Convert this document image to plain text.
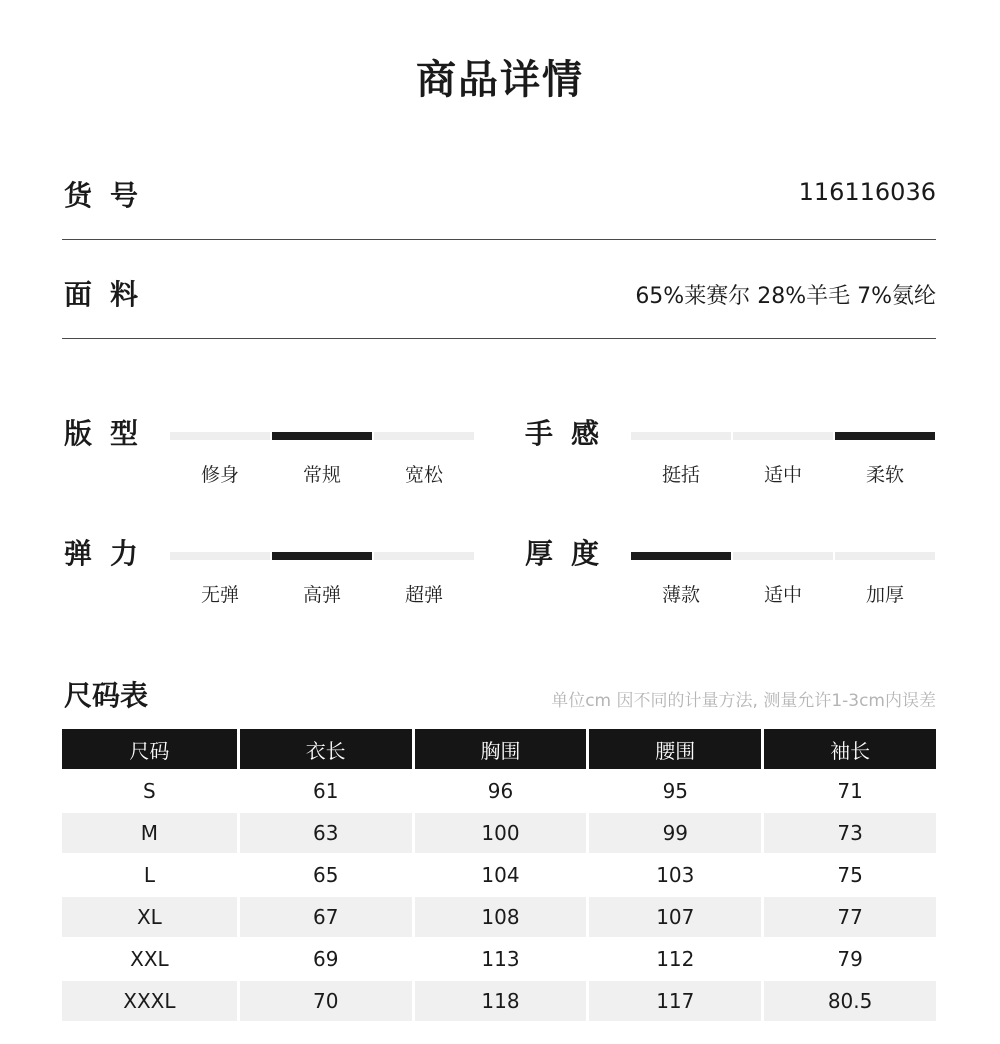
商品详情
货号	116116036
面料	65%莱赛尔 28%羊毛 7%氨纶
版型
修身	常规	宽松
手感
挺括	适中	柔软
弹力
无弹	高弹	超弹
厚度
薄款	适中	加厚
尺码表	单位cm 因不同的计量方法, 测量允许1-3cm内误差
尺码	衣长	胸围	腰围	袖长
S	61	96	95	71
M	63	100	99	73
L	65	104	103	75
XL	67	108	107	77
XXL	69	113	112	79
XXXL	70	118	117	80.5
